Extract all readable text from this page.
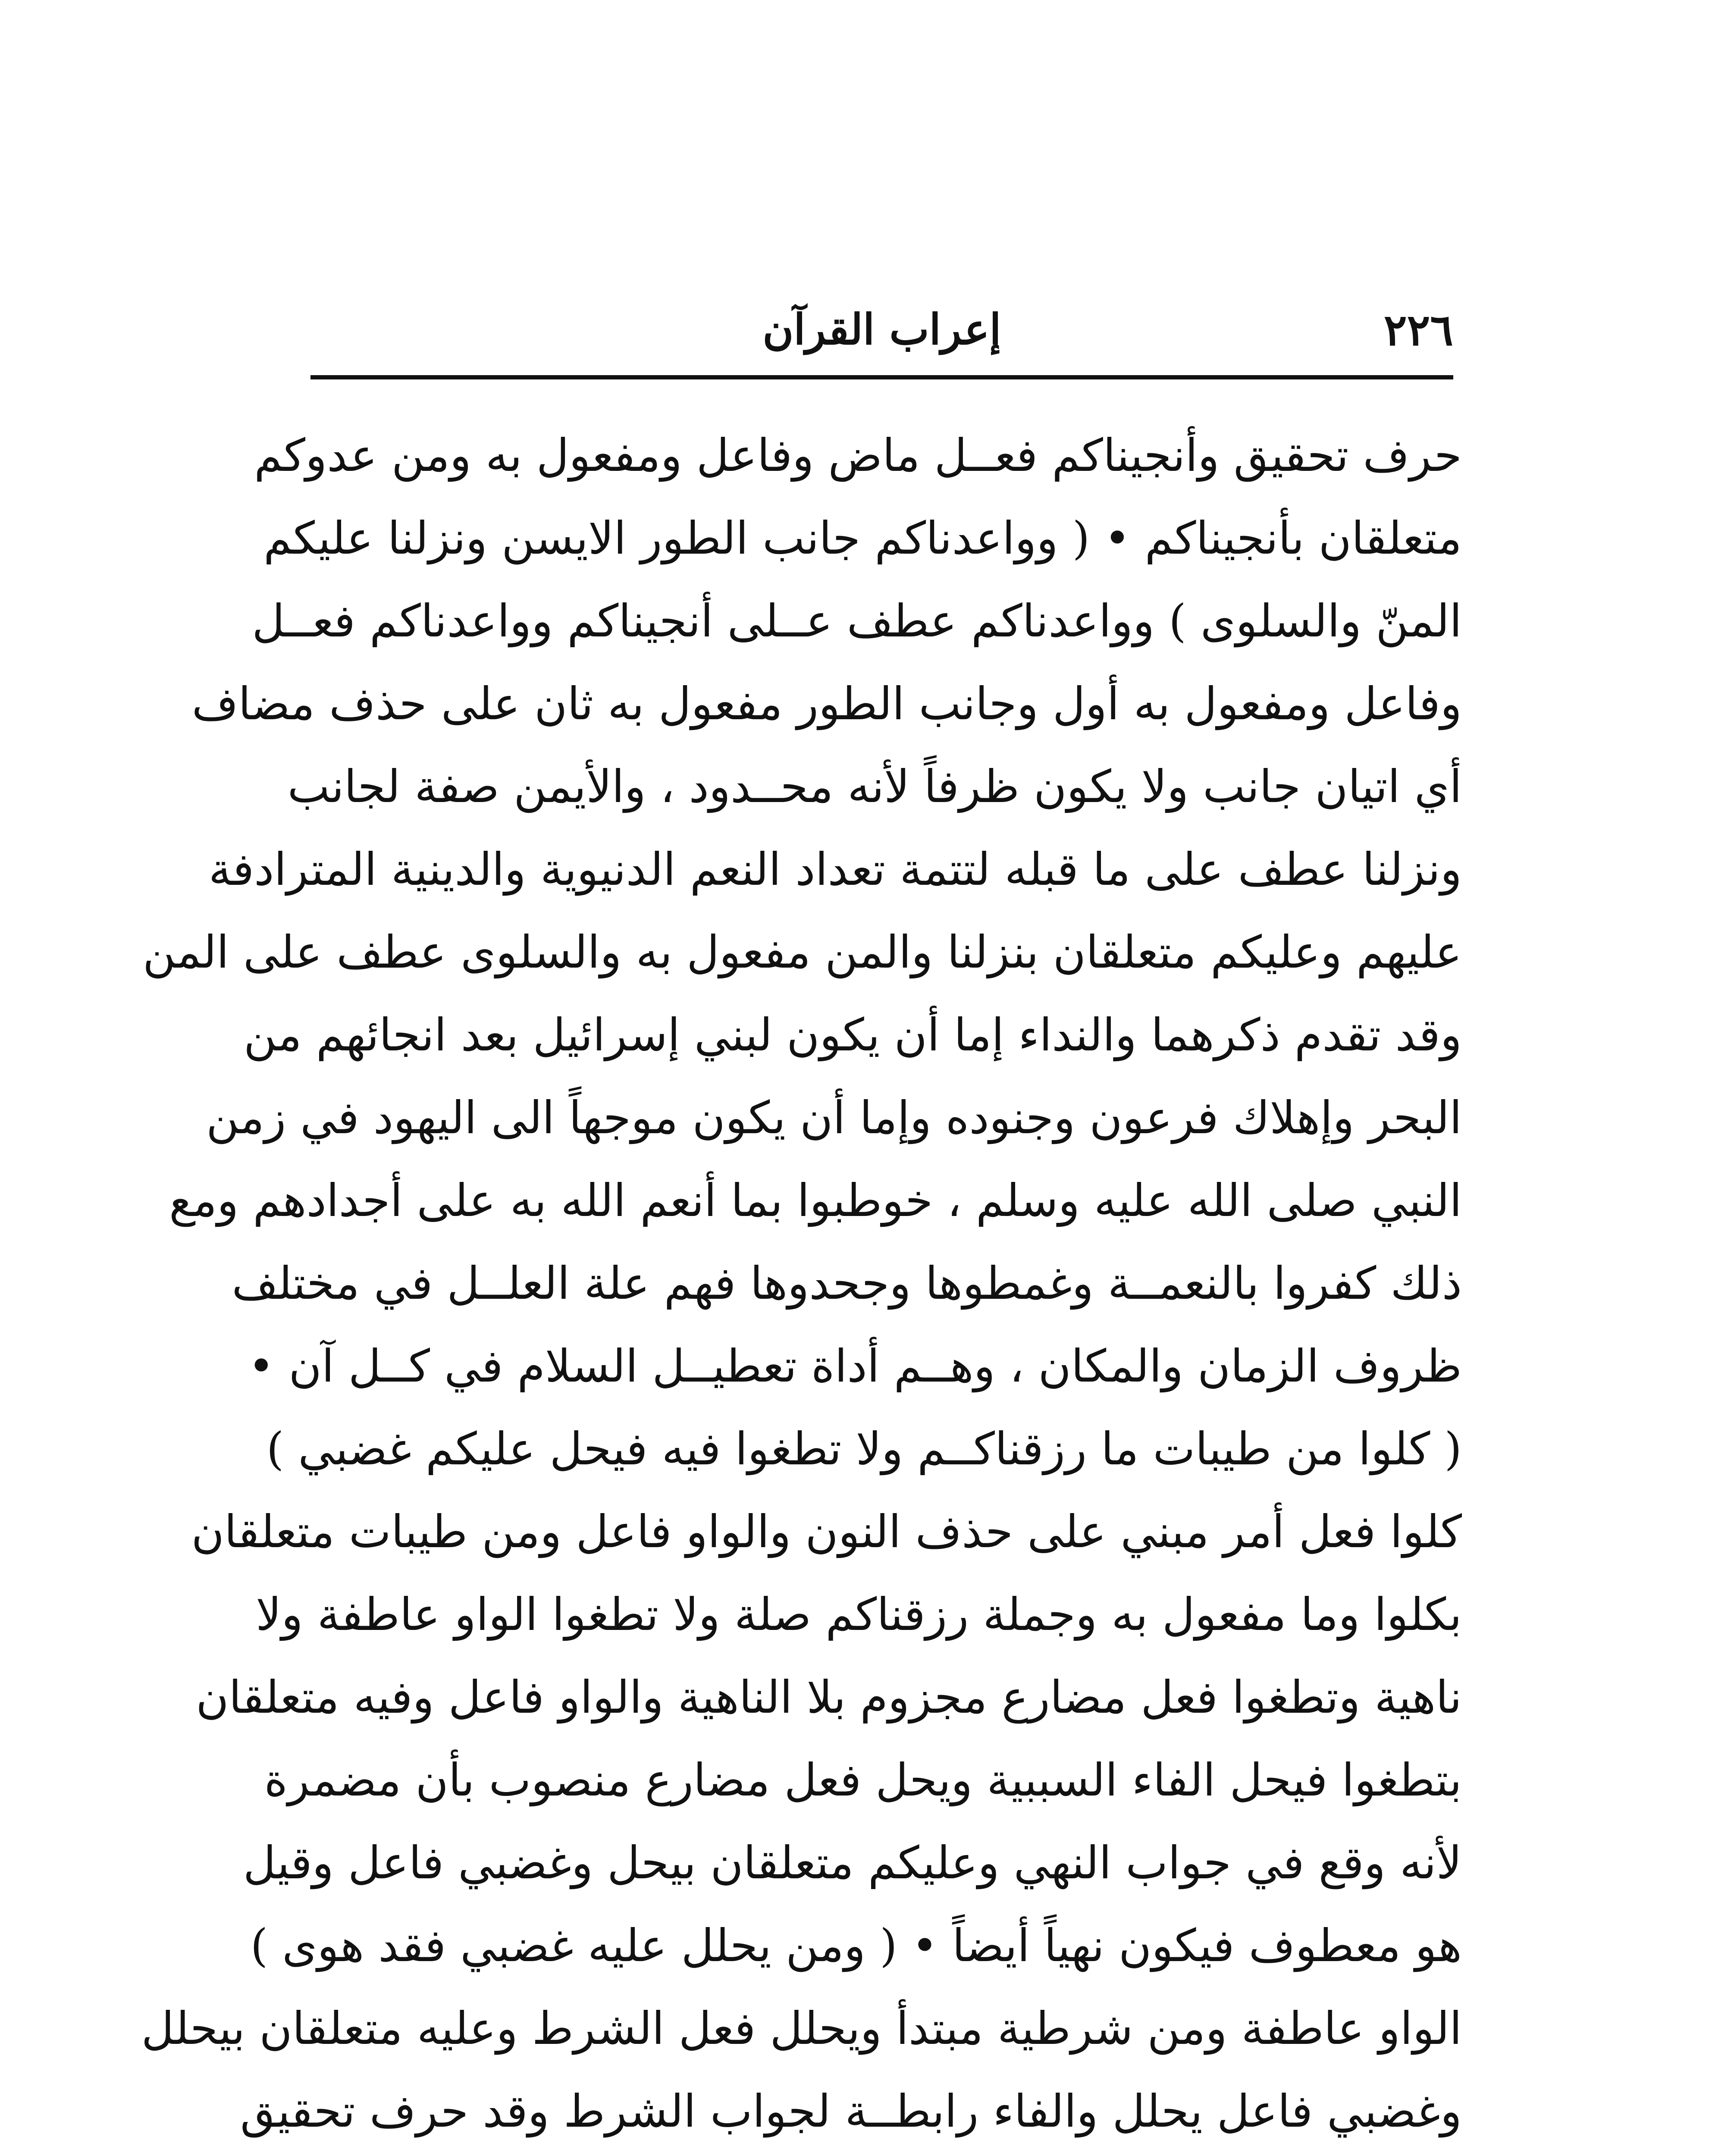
٢٢٦
إعراب القرآن
حرف تحقيق وأنجيناكم فعــل ماض وفاعل ومفعول به ومن عدوكم
متعلقان بأنجيناكم • ( وواعدناكم جانب الطور الايسن ونزلنا عليكم
المنّ والسلوى ) وواعدناكم عطف عــلى أنجيناكم وواعدناكم فعــل
وفاعل ومفعول به أول وجانب الطور مفعول به ثان على حذف مضاف
أي اتيان جانب ولا يكون ظرفاً لأنه محــدود ، والأيمن صفة لجانب
ونزلنا عطف على ما قبله لتتمة تعداد النعم الدنيوية والدينية المترادفة
عليهم وعليكم متعلقان بنزلنا والمن مفعول به والسلوى عطف على المن
وقد تقدم ذكرهما والنداء إما أن يكون لبني إسرائيل بعد انجائهم من
البحر وإهلاك فرعون وجنوده وإما أن يكون موجهاً الى اليهود في زمن
النبي صلى الله عليه وسلم ، خوطبوا بما أنعم الله به على أجدادهم ومع
ذلك كفروا بالنعمــة وغمطوها وجحدوها فهم علة العلــل في مختلف
ظروف الزمان والمكان ، وهــم أداة تعطيــل السلام في كــل آن •
( كلوا من طيبات ما رزقناكــم ولا تطغوا فيه فيحل عليكم غضبي )
كلوا فعل أمر مبني على حذف النون والواو فاعل ومن طيبات متعلقان
بكلوا وما مفعول به وجملة رزقناكم صلة ولا تطغوا الواو عاطفة ولا
ناهية وتطغوا فعل مضارع مجزوم بلا الناهية والواو فاعل وفيه متعلقان
بتطغوا فيحل الفاء السببية ويحل فعل مضارع منصوب بأن مضمرة
لأنه وقع في جواب النهي وعليكم متعلقان بيحل وغضبي فاعل وقيل
هو معطوف فيكون نهياً أيضاً • ( ومن يحلل عليه غضبي فقد هوى )
الواو عاطفة ومن شرطية مبتدأ ويحلل فعل الشرط وعليه متعلقان بيحلل
وغضبي فاعل يحلل والفاء رابطــة لجواب الشرط وقد حرف تحقيق
